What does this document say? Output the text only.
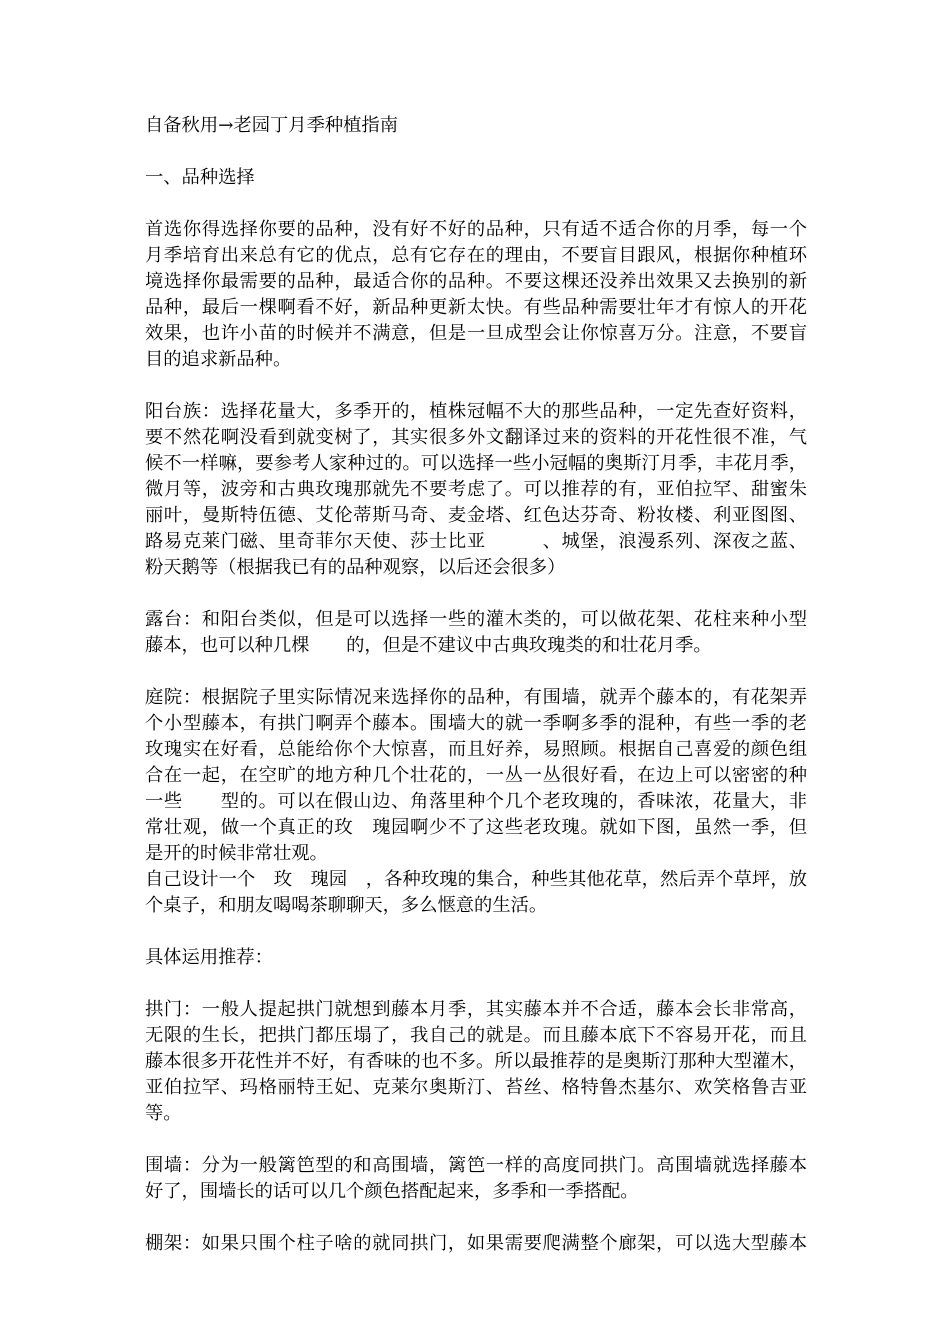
自备秋用→老园丁月季种植指南
一、品种选择
首选你得选择你要的品种，没有好不好的品种，只有适不适合你的月季，每一个
月季培育出来总有它的优点，总有它存在的理由，不要盲目跟风，根据你种植环
境选择你最需要的品种，最适合你的品种。不要这棵还没养出效果又去换别的新
品种，最后一棵啊看不好，新品种更新太快。有些品种需要壮年才有惊人的开花
效果，也许小苗的时候并不满意，但是一旦成型会让你惊喜万分。注意，不要盲
目的追求新品种。
阳台族：选择花量大，多季开的，植株冠幅不大的那些品种，一定先查好资料，
要不然花啊没看到就变树了，其实很多外文翻译过来的资料的开花性很不准，气
候不一样嘛，要参考人家种过的。可以选择一些小冠幅的奥斯汀月季，丰花月季，
微月等，波旁和古典玫瑰那就先不要考虑了。可以推荐的有，亚伯拉罕、甜蜜朱
丽叶，曼斯特伍德、艾伦蒂斯马奇、麦金塔、红色达芬奇、粉妆楼、利亚图图、
路易克莱门磁、里奇菲尔天使、莎士比亚　　　、城堡，浪漫系列、深夜之蓝、
粉天鹅等（根据我已有的品种观察，以后还会很多）
露台：和阳台类似，但是可以选择一些的灌木类的，可以做花架、花柱来种小型
藤本，也可以种几棵　　的，但是不建议中古典玫瑰类的和壮花月季。
庭院：根据院子里实际情况来选择你的品种，有围墙，就弄个藤本的，有花架弄
个小型藤本，有拱门啊弄个藤本。围墙大的就一季啊多季的混种，有些一季的老
玫瑰实在好看，总能给你个大惊喜，而且好养，易照顾。根据自己喜爱的颜色组
合在一起，在空旷的地方种几个壮花的，一丛一丛很好看，在边上可以密密的种
一些　　型的。可以在假山边、角落里种个几个老玫瑰的，香味浓，花量大，非
常壮观，做一个真正的玫　瑰园啊少不了这些老玫瑰。就如下图，虽然一季，但
是开的时候非常壮观。
自己设计一个　玫　瑰园　，各种玫瑰的集合，种些其他花草，然后弄个草坪，放
个桌子，和朋友喝喝茶聊聊天，多么惬意的生活。
具体运用推荐：
拱门：一般人提起拱门就想到藤本月季，其实藤本并不合适，藤本会长非常高，
无限的生长，把拱门都压塌了，我自己的就是。而且藤本底下不容易开花，而且
藤本很多开花性并不好，有香味的也不多。所以最推荐的是奥斯汀那种大型灌木，
亚伯拉罕、玛格丽特王妃、克莱尔奥斯汀、苔丝、格特鲁杰基尔、欢笑格鲁吉亚
等。
围墙：分为一般篱笆型的和高围墙，篱笆一样的高度同拱门。高围墙就选择藤本
好了，围墙长的话可以几个颜色搭配起来，多季和一季搭配。
棚架：如果只围个柱子啥的就同拱门，如果需要爬满整个廊架，可以选大型藤本
